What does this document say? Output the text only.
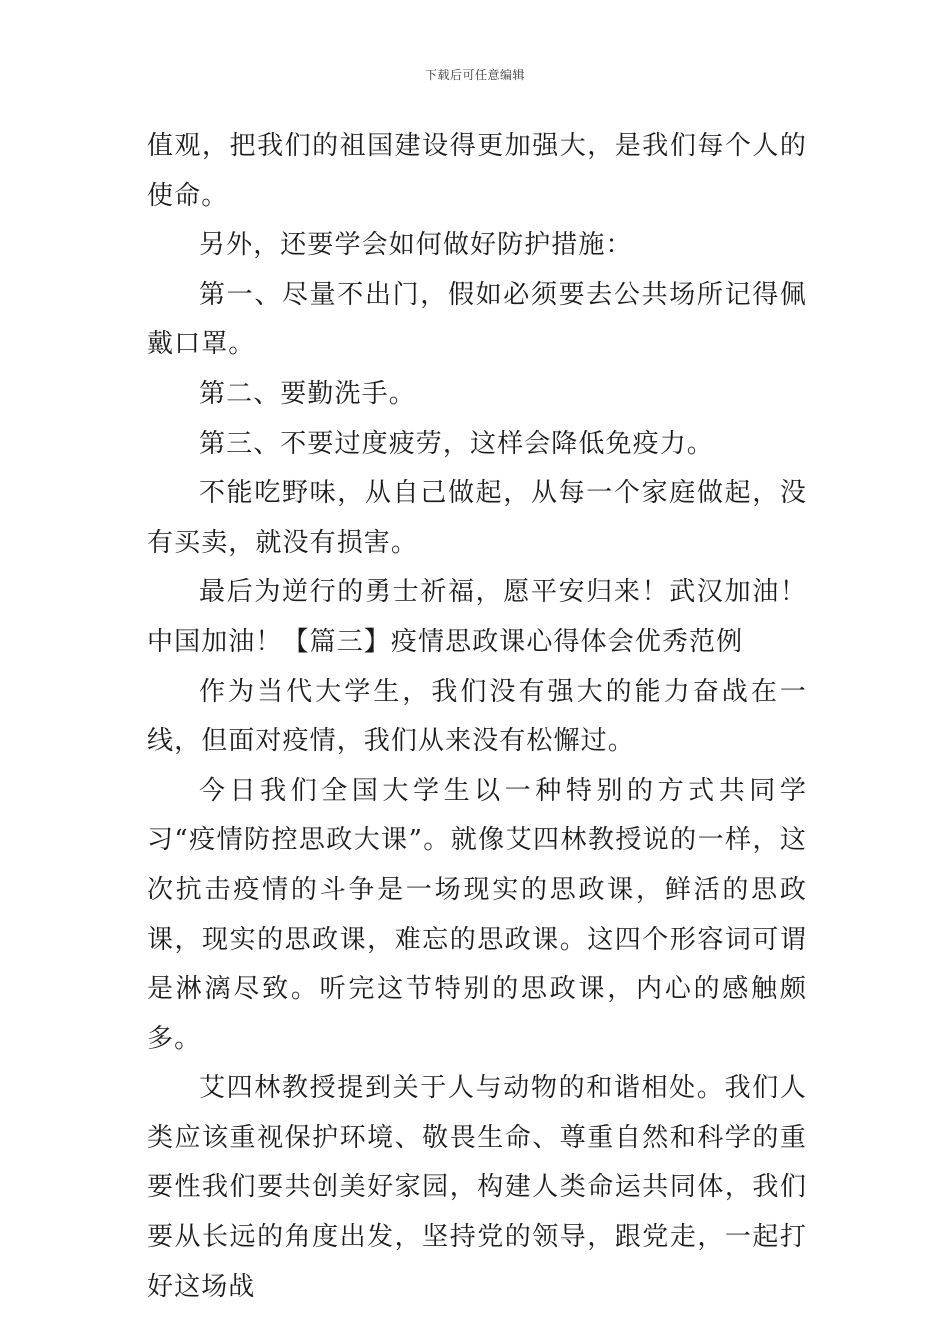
下载后可任意编辑

值观，把我们的祖国建设得更加强大，是我们每个人的使命。

另外，还要学会如何做好防护措施：

第一、尽量不出门，假如必须要去公共场所记得佩戴口罩。

第二、要勤洗手。

第三、不要过度疲劳，这样会降低免疫力。

不能吃野味，从自己做起，从每一个家庭做起，没有买卖，就没有损害。

最后为逆行的勇士祈福，愿平安归来！武汉加油！中国加油！【篇三】疫情思政课心得体会优秀范例

作为当代大学生，我们没有强大的能力奋战在一线，但面对疫情，我们从来没有松懈过。

今日我们全国大学生以一种特别的方式共同学习“疫情防控思政大课”。就像艾四林教授说的一样，这次抗击疫情的斗争是一场现实的思政课，鲜活的思政课，现实的思政课，难忘的思政课。这四个形容词可谓是淋漓尽致。听完这节特别的思政课，内心的感触颇多。

艾四林教授提到关于人与动物的和谐相处。我们人类应该重视保护环境、敬畏生命、尊重自然和科学的重要性我们要共创美好家园，构建人类命运共同体，我们要从长远的角度出发，坚持党的领导，跟党走，一起打好这场战
